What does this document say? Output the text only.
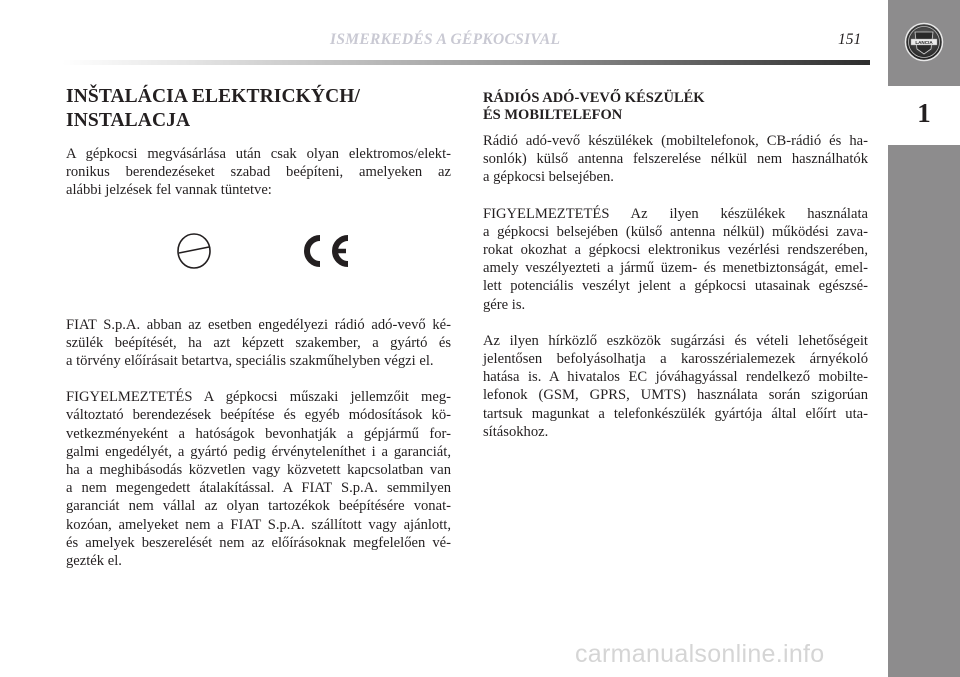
ISMERKEDÉS A GÉPKOCSIVAL	151
1
LANCIA
INŠTALÁCIA ELEKTRICKÝCH/
INSTALACJA
A gépkocsi megvásárlása után csak olyan elektromos/elekt-
ronikus berendezéseket szabad beépíteni, amelyeken az
alábbi jelzések fel vannak tüntetve:
FIAT S.p.A. abban az esetben engedélyezi rádió adó-vevő ké-
szülék beépítését, ha azt képzett szakember, a gyártó és
a törvény előírásait betartva, speciális szakműhelyben végzi el.
FIGYELMEZTETÉS A gépkocsi műszaki jellemzőit meg-
változtató berendezések beépítése és egyéb módosítások kö-
vetkezményeként a hatóságok bevonhatják a gépjármű for-
galmi engedélyét, a gyártó pedig érvényteleníthet i a garanciát,
ha a meghibásodás közvetlen vagy közvetett kapcsolatban van
a nem megengedett átalakítással. A FIAT S.p.A. semmilyen
garanciát nem vállal az olyan tartozékok beépítésére vonat-
kozóan, amelyeket nem a FIAT S.p.A. szállított vagy ajánlott,
és amelyek beszerelését nem az előírásoknak megfelelően vé-
gezték el.
RÁDIÓS ADÓ-VEVŐ KÉSZÜLÉK
ÉS MOBILTELEFON
Rádió adó-vevő készülékek (mobiltelefonok, CB-rádió és ha-
sonlók) külső antenna felszerelése nélkül nem használhatók
a gépkocsi belsejében.
FIGYELMEZTETÉS Az ilyen készülékek használata
a gépkocsi belsejében (külső antenna nélkül) működési zava-
rokat okozhat a gépkocsi elektronikus vezérlési rendszerében,
amely veszélyezteti a jármű üzem- és menetbiztonságát, emel-
lett potenciális veszélyt jelent a gépkocsi utasainak egészsé-
gére is.
Az ilyen hírközlő eszközök sugárzási és vételi lehetőségeit
jelentősen befolyásolhatja a karosszérialemezek árnyékoló
hatása is. A hivatalos EC jóváhagyással rendelkező mobilte-
lefonok (GSM, GPRS, UMTS) használata során szigorúan
tartsuk magunkat a telefonkészülék gyártója által előírt uta-
sításokhoz.
carmanualsonline.info
